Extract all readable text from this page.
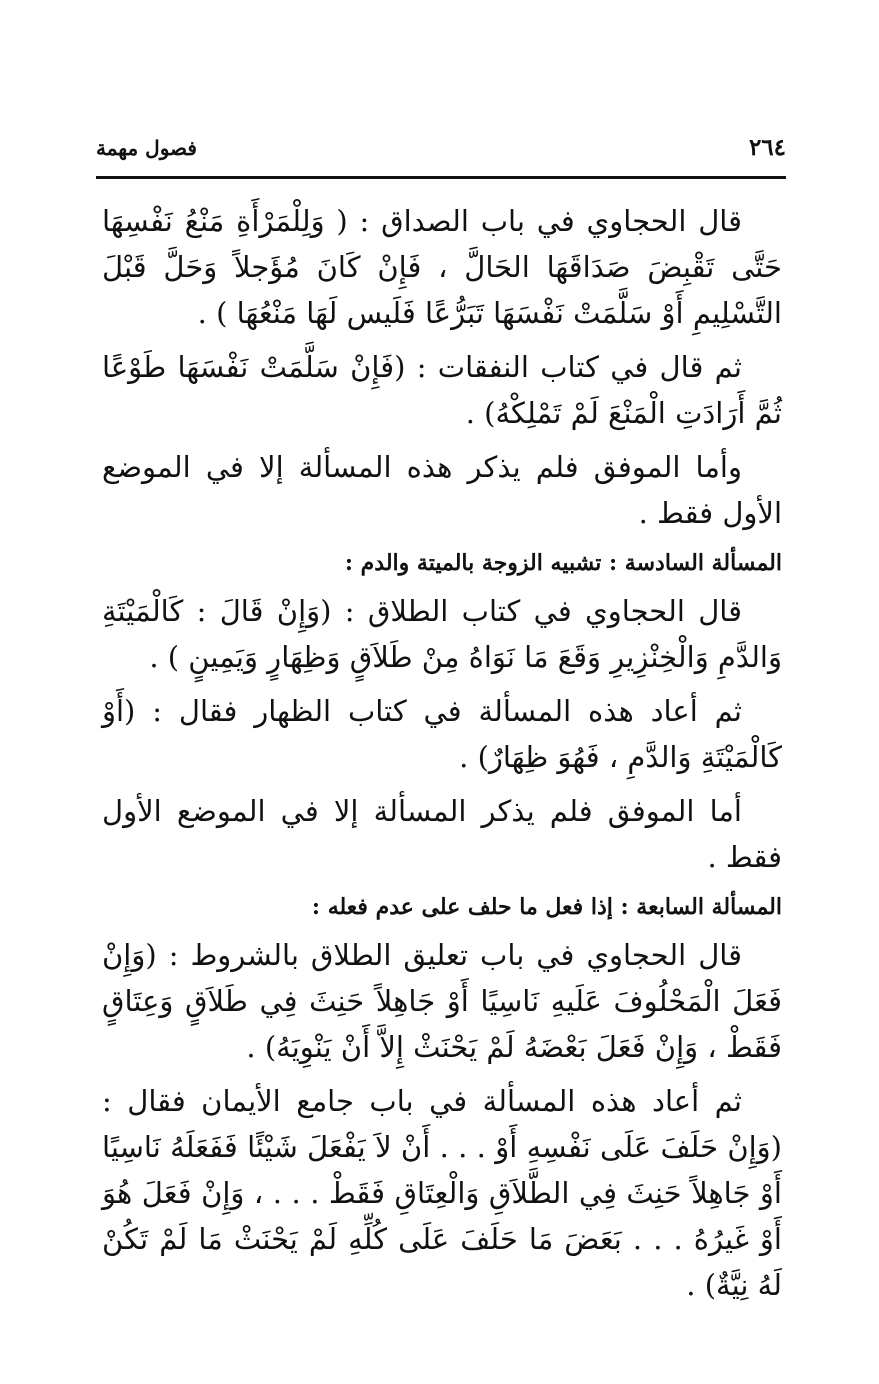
٢٦٤
فصول مهمة

قال الحجاوي في باب الصداق : ( وَلِلْمَرْأَةِ مَنْعُ نَفْسِهَا حَتَّى تَقْبِضَ صَدَاقَهَا الحَالَّ ، فَإِنْ كَانَ مُؤَجلاً وَحَلَّ قَبْلَ التَّسْلِيمِ أَوْ سَلَّمَتْ نَفْسَهَا تَبَرُّعًا فَلَيس لَهَا مَنْعُهَا ) .

ثم قال في كتاب النفقات : (فَإِنْ سَلَّمَتْ نَفْسَهَا طَوْعًا ثُمَّ أَرَادَتِ الْمَنْعَ لَمْ تَمْلِكْهُ) .

وأما الموفق فلم يذكر هذه المسألة إلا في الموضع الأول فقط .

المسألة السادسة : تشبيه الزوجة بالميتة والدم :

قال الحجاوي في كتاب الطلاق : (وَإِنْ قَالَ : كَالْمَيْتَةِ وَالدَّمِ وَالْخِنْزِيرِ وَقَعَ مَا نَوَاهُ مِنْ طَلاَقٍ وَظِهَارٍ وَيَمِينٍ ) .

ثم أعاد هذه المسألة في كتاب الظهار فقال : (أَوْ كَالْمَيْتَةِ وَالدَّمِ ، فَهُوَ ظِهَارٌ) .

أما الموفق فلم يذكر المسألة إلا في الموضع الأول فقط .

المسألة السابعة : إذا فعل ما حلف على عدم فعله :

قال الحجاوي في باب تعليق الطلاق بالشروط : (وَإِنْ فَعَلَ الْمَحْلُوفَ عَلَيهِ نَاسِيًا أَوْ جَاهِلاً حَنِثَ فِي طَلاَقٍ وَعِتَاقٍ فَقَطْ ، وَإِنْ فَعَلَ بَعْضَهُ لَمْ يَحْنَثْ إِلاَّ أَنْ يَنْوِيَهُ) .

ثم أعاد هذه المسألة في باب جامع الأيمان فقال : (وَإِنْ حَلَفَ عَلَى نَفْسِهِ أَوْ . . . أَنْ لاَ يَفْعَلَ شَيْئًا فَفَعَلَهُ نَاسِيًا أَوْ جَاهِلاً حَنِثَ فِي الطَّلاَقِ وَالْعِتَاقِ فَقَطْ . . . ، وَإِنْ فَعَلَ هُوَ أَوْ غَيرُهُ . . . بَعَضَ مَا حَلَفَ عَلَى كُلِّهِ لَمْ يَحْنَثْ مَا لَمْ تَكُنْ لَهُ نِيَّةٌ) .
